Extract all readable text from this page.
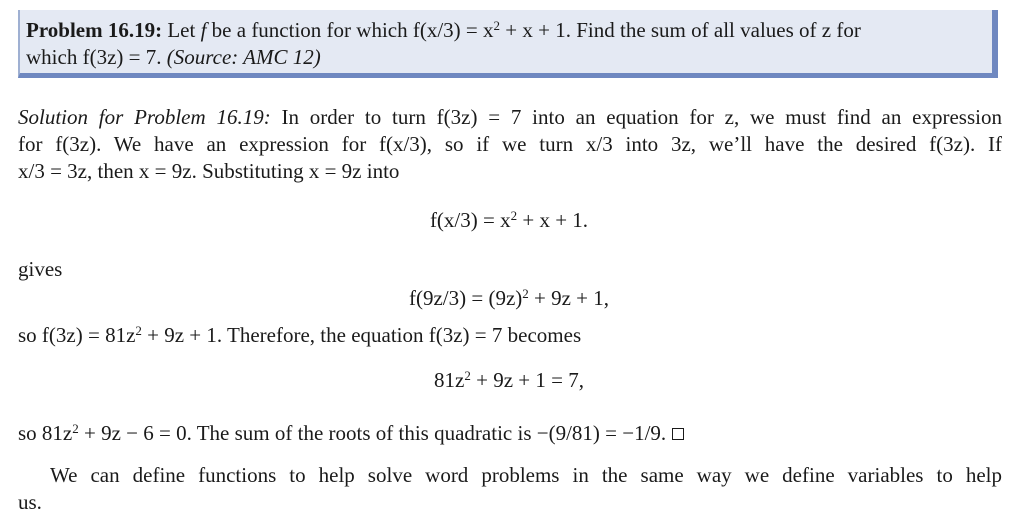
Problem 16.19: Let f be a function for which $f(x/3) = x^2 + x + 1$. Find the sum of all values of z for
which f(3z) = 7. (Source: AMC 12)
Solution for Problem 16.19: In order to turn f(3z) = 7 into an equation for z, we must find an expression
for f(3z). We have an expression for f(x/3), so if we turn x/3 into 3z, we’ll have the desired f(3z). If
x/3 = 3z, then x = 9z. Substituting x = 9z into
$f(x/3) = x^2 + x + 1$.
gives
$f(9z/3) = (9z)^2 + 9z + 1$,
so $f(3z) = 81z^2 + 9z + 1$. Therefore, the equation f(3z) = 7 becomes
$81z^2 + 9z + 1 = 7$,
so $81z^2 + 9z - 6 = 0$. The sum of the roots of this quadratic is −(9/81) = −1/9.
We can define functions to help solve word problems in the same way we define variables to help
us.
